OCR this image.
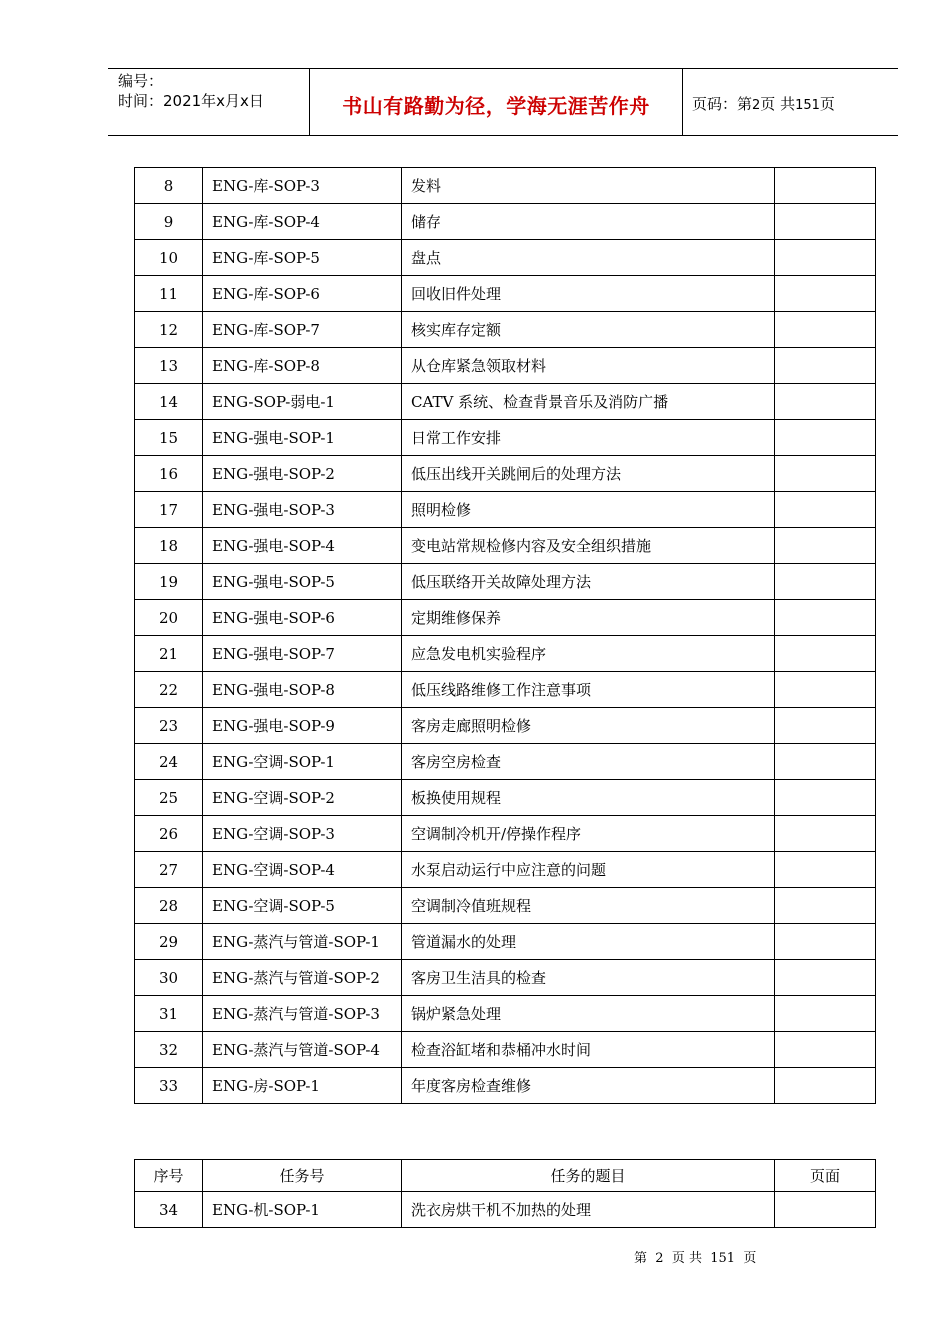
编号：
时间：2021年x月x日	书山有路勤为径，学海无涯苦作舟	页码：第2页 共151页
8	ENG-库-SOP-3	发料	
9	ENG-库-SOP-4	储存	
10	ENG-库-SOP-5	盘点	
11	ENG-库-SOP-6	回收旧件处理	
12	ENG-库-SOP-7	核实库存定额	
13	ENG-库-SOP-8	从仓库紧急领取材料	
14	ENG-SOP-弱电-1	CATV 系统、检查背景音乐及消防广播	
15	ENG-强电-SOP-1	日常工作安排	
16	ENG-强电-SOP-2	低压出线开关跳闸后的处理方法	
17	ENG-强电-SOP-3	照明检修	
18	ENG-强电-SOP-4	变电站常规检修内容及安全组织措施	
19	ENG-强电-SOP-5	低压联络开关故障处理方法	
20	ENG-强电-SOP-6	定期维修保养	
21	ENG-强电-SOP-7	应急发电机实验程序	
22	ENG-强电-SOP-8	低压线路维修工作注意事项	
23	ENG-强电-SOP-9	客房走廊照明检修	
24	ENG-空调-SOP-1	客房空房检查	
25	ENG-空调-SOP-2	板换使用规程	
26	ENG-空调-SOP-3	空调制冷机开/停操作程序	
27	ENG-空调-SOP-4	水泵启动运行中应注意的问题	
28	ENG-空调-SOP-5	空调制冷值班规程	
29	ENG-蒸汽与管道-SOP-1	管道漏水的处理	
30	ENG-蒸汽与管道-SOP-2	客房卫生洁具的检查	
31	ENG-蒸汽与管道-SOP-3	锅炉紧急处理	
32	ENG-蒸汽与管道-SOP-4	检查浴缸堵和恭桶冲水时间	
33	ENG-房-SOP-1	年度客房检查维修	
序号	任务号	任务的题目	页面
34	ENG-机-SOP-1	洗衣房烘干机不加热的处理	
第 2 页 共 151 页
